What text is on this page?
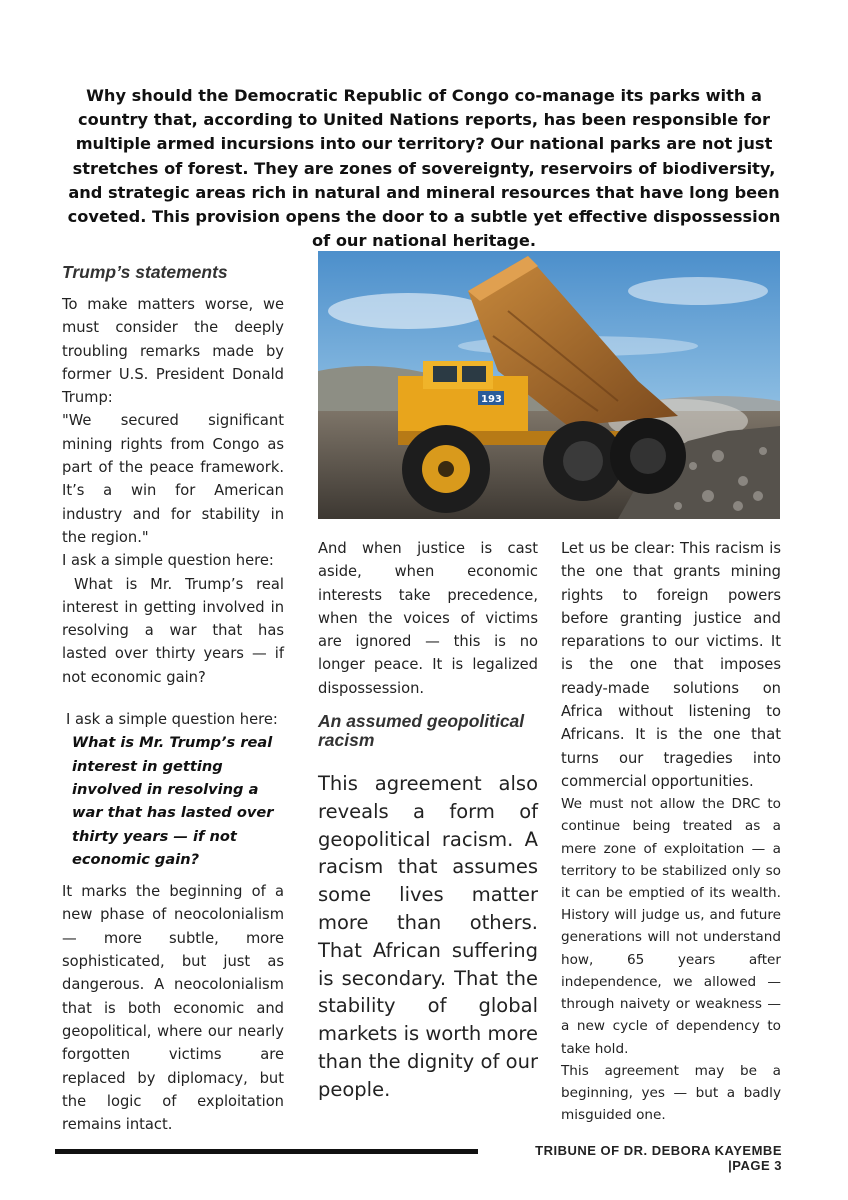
Why should the Democratic Republic of Congo co-manage its parks with a country that, according to United Nations reports, has been responsible for multiple armed incursions into our territory? Our national parks are not just stretches of forest. They are zones of sovereignty, reservoirs of biodiversity, and strategic areas rich in natural and mineral resources that have long been coveted. This provision opens the door to a subtle yet effective dispossession of our national heritage.
Trump’s statements

To make matters worse, we must consider the deeply troubling remarks made by former U.S. President Donald Trump:

"We secured significant mining rights from Congo as part of the peace framework. It’s a win for American industry and for stability in the region."

I ask a simple question here:

What is Mr. Trump’s real interest in getting involved in resolving a war that has lasted over thirty years — if not economic gain?

I ask a simple question here:
What is Mr. Trump’s real interest in getting involved in resolving a war that has lasted over thirty years — if not economic gain?
It marks the beginning of a new phase of neocolonialism — more subtle, more sophisticated, but just as dangerous. A neocolonialism that is both economic and geopolitical, where our nearly forgotten victims are replaced by diplomacy, but the logic of exploitation remains intact.
193
And when justice is cast aside, when economic interests take precedence, when the voices of victims are ignored — this is no longer peace. It is legalized dispossession.
An assumed geopolitical racism
This agreement also reveals a form of geopolitical racism. A racism that assumes some lives matter more than others. That African suffering is secondary. That the stability of global markets is worth more than the dignity of our people.
Let us be clear: This racism is the one that grants mining rights to foreign powers before granting justice and reparations to our victims. It is the one that imposes ready-made solutions on Africa without listening to Africans. It is the one that turns our tragedies into commercial opportunities.

We must not allow the DRC to continue being treated as a mere zone of exploitation — a territory to be stabilized only so it can be emptied of its wealth. History will judge us, and future generations will not understand how, 65 years after independence, we allowed — through naivety or weakness — a new cycle of dependency to take hold.

This agreement may be a beginning, yes — but a badly misguided one.

TRIBUNE OF DR. DEBORA KAYEMBE |PAGE 3
